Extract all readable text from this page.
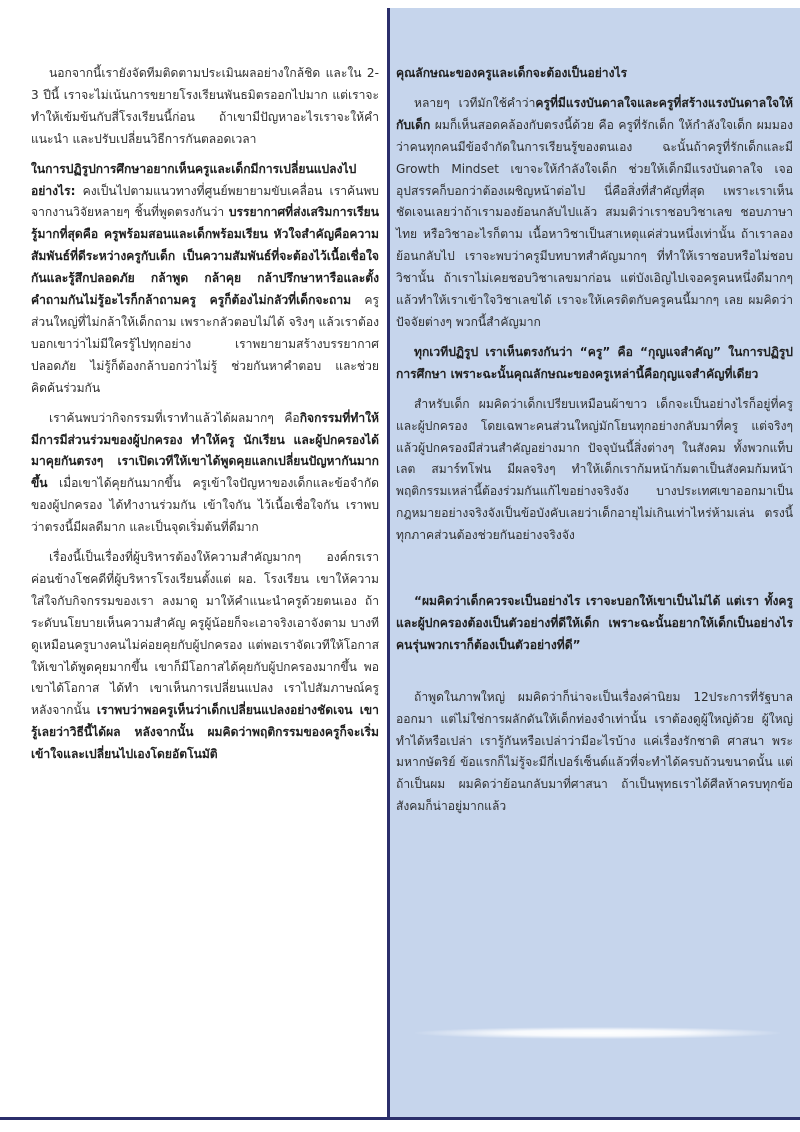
นอกจากนี้เรายังจัดทีมติดตามประเมินผลอย่างใกล้ชิด และใน 2-3 ปีนี้ เราจะไม่เน้นการขยายโรงเรียนพันธมิตรออกไปมาก แต่เราจะทำให้เข้มข้นกับสี่โรงเรียนนี้ก่อน ถ้าเขามีปัญหาอะไรเราจะให้คำแนะนำ และปรับเปลี่ยนวิธีการกันตลอดเวลา

ในการปฏิรูปการศึกษาอยากเห็นครูและเด็กมีการเปลี่ยนแปลงไปอย่างไร: คงเป็นไปตามแนวทางที่ศูนย์พยายามขับเคลื่อน เราค้นพบจากงานวิจัยหลายๆ ชิ้นที่พูดตรงกันว่า บรรยากาศที่ส่งเสริมการเรียนรู้มากที่สุดคือ ครูพร้อมสอนและเด็กพร้อมเรียน หัวใจสำคัญคือความสัมพันธ์ที่ดีระหว่างครูกับเด็ก เป็นความสัมพันธ์ที่จะต้องไว้เนื้อเชื่อใจกันและรู้สึกปลอดภัย กล้าพูด กล้าคุย กล้าปรึกษาหารือและตั้งคำถามกันไม่รู้อะไรก็กล้าถามครู ครูก็ต้องไม่กลัวที่เด็กจะถาม ครูส่วนใหญ่ที่ไม่กล้าให้เด็กถาม เพราะกลัวตอบไม่ได้ จริงๆ แล้วเราต้องบอกเขาว่าไม่มีใครรู้ไปทุกอย่าง เราพยายามสร้างบรรยากาศปลอดภัย ไม่รู้ก็ต้องกล้าบอกว่าไม่รู้ ช่วยกันหาคำตอบ และช่วยคิดค้นร่วมกัน

เราค้นพบว่ากิจกรรมที่เราทำแล้วได้ผลมากๆ คือกิจกรรมที่ทำให้มีการมีส่วนร่วมของผู้ปกครอง ทำให้ครู นักเรียน และผู้ปกครองได้มาคุยกันตรงๆ เราเปิดเวทีให้เขาได้พูดคุยแลกเปลี่ยนปัญหากันมากขึ้น เมื่อเขาได้คุยกันมากขึ้น ครูเข้าใจปัญหาของเด็กและข้อจำกัดของผู้ปกครอง ได้ทำงานร่วมกัน เข้าใจกัน ไว้เนื้อเชื่อใจกัน เราพบว่าตรงนี้มีผลดีมาก และเป็นจุดเริ่มต้นที่ดีมาก

เรื่องนี้เป็นเรื่องที่ผู้บริหารต้องให้ความสำคัญมากๆ องค์กรเราค่อนข้างโชคดีที่ผู้บริหารโรงเรียนตั้งแต่ ผอ. โรงเรียน เขาให้ความใส่ใจกับกิจกรรมของเรา ลงมาดู มาให้คำแนะนำครูด้วยตนเอง ถ้าระดับนโยบายเห็นความสำคัญ ครูผู้น้อยก็จะเอาจริงเอาจังตาม บางทีดูเหมือนครูบางคนไม่ค่อยคุยกับผู้ปกครอง แต่พอเราจัดเวทีให้โอกาสให้เขาได้พูดคุยมากขึ้น เขาก็มีโอกาสได้คุยกับผู้ปกครองมากขึ้น พอเขาได้โอกาส ได้ทำ เขาเห็นการเปลี่ยนแปลง เราไปสัมภาษณ์ครูหลังจากนั้น เราพบว่าพอครูเห็นว่าเด็กเปลี่ยนแปลงอย่างชัดเจน เขารู้เลยว่าวิธีนี้ได้ผล หลังจากนั้น ผมคิดว่าพฤติกรรมของครูก็จะเริ่มเข้าใจและเปลี่ยนไปเองโดยอัตโนมัติ

คุณลักษณะของครูและเด็กจะต้องเป็นอย่างไร

หลายๆ เวทีมักใช้คำว่าครูที่มีแรงบันดาลใจและครูที่สร้างแรงบันดาลใจให้กับเด็ก ผมก็เห็นสอดคล้องกับตรงนี้ด้วย คือ ครูที่รักเด็ก ให้กำลังใจเด็ก ผมมองว่าคนทุกคนมีข้อจำกัดในการเรียนรู้ของตนเอง ฉะนั้นถ้าครูที่รักเด็กและมี Growth Mindset เขาจะให้กำลังใจเด็ก ช่วยให้เด็กมีแรงบันดาลใจ เจออุปสรรคก็บอกว่าต้องเผชิญหน้าต่อไป นี่คือสิ่งที่สำคัญที่สุด เพราะเราเห็นชัดเจนเลยว่าถ้าเรามองย้อนกลับไปแล้ว สมมติว่าเราชอบวิชาเลข ชอบภาษาไทย หรือวิชาอะไรก็ตาม เนื้อหาวิชาเป็นสาเหตุแค่ส่วนหนึ่งเท่านั้น ถ้าเราลองย้อนกลับไป เราจะพบว่าครูมีบทบาทสำคัญมากๆ ที่ทำให้เราชอบหรือไม่ชอบวิชานั้น ถ้าเราไม่เคยชอบวิชาเลขมาก่อน แต่บังเอิญไปเจอครูคนหนึ่งดีมากๆ แล้วทำให้เราเข้าใจวิชาเลขได้ เราจะให้เครดิตกับครูคนนี้มากๆ เลย ผมคิดว่าปัจจัยต่างๆ พวกนี้สำคัญมาก

ทุกเวทีปฏิรูป เราเห็นตรงกันว่า “ครู” คือ “กุญแจสำคัญ” ในการปฏิรูปการศึกษา เพราะฉะนั้นคุณลักษณะของครูเหล่านี้คือกุญแจสำคัญที่เดียว

สำหรับเด็ก ผมคิดว่าเด็กเปรียบเหมือนผ้าขาว เด็กจะเป็นอย่างไรก็อยู่ที่ครูและผู้ปกครอง โดยเฉพาะคนส่วนใหญ่มักโยนทุกอย่างกลับมาที่ครู แต่จริงๆ แล้วผู้ปกครองมีส่วนสำคัญอย่างมาก ปัจจุบันนี้สิ่งต่างๆ ในสังคม ทั้งพวกแท็บเลต สมาร์ทโฟน มีผลจริงๆ ทำให้เด็กเราก้มหน้าก้มตาเป็นสังคมก้มหน้า พฤติกรรมเหล่านี้ต้องร่วมกันแก้ไขอย่างจริงจัง บางประเทศเขาออกมาเป็นกฎหมายอย่างจริงจังเป็นข้อบังคับเลยว่าเด็กอายุไม่เกินเท่าไหร่ห้ามเล่น ตรงนี้ทุกภาคส่วนต้องช่วยกันอย่างจริงจัง

“ผมคิดว่าเด็กควรจะเป็นอย่างไร เราจะบอกให้เขาเป็นไม่ได้ แต่เรา ทั้งครู และผู้ปกครองต้องเป็นตัวอย่างที่ดีให้เด็ก เพราะฉะนั้นอยากให้เด็กเป็นอย่างไร คนรุ่นพวกเราก็ต้องเป็นตัวอย่างที่ดี”

ถ้าพูดในภาพใหญ่ ผมคิดว่าก็น่าจะเป็นเรื่องค่านิยม 12ประการที่รัฐบาลออกมา แต่ไม่ใช่การผลักดันให้เด็กท่องจำเท่านั้น เราต้องดูผู้ใหญ่ด้วย ผู้ใหญ่ทำได้หรือเปล่า เรารู้กันหรือเปล่าว่ามีอะไรบ้าง แค่เรื่องรักชาติ ศาสนา พระมหากษัตริย์ ข้อแรกก็ไม่รู้จะมีกี่เปอร์เซ็นต์แล้วที่จะทำได้ครบถ้วนขนาดนั้น แต่ถ้าเป็นผม ผมคิดว่าย้อนกลับมาที่ศาสนา ถ้าเป็นพุทธเราได้ศีลห้าครบทุกข้อ สังคมก็น่าอยู่มากแล้ว
